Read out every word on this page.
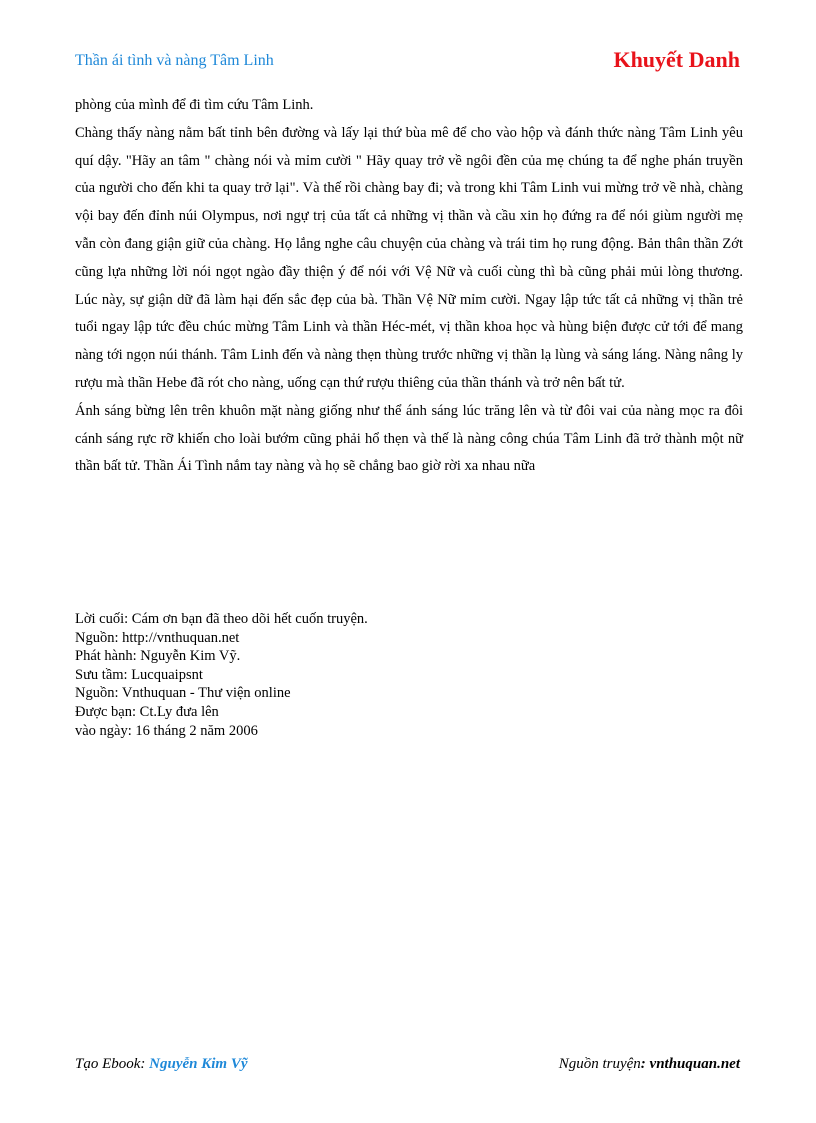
Thần ái tình và nàng Tâm Linh	Khuyết Danh

phòng của mình để đi tìm cứu Tâm Linh.

Chàng thấy nàng nằm bất tỉnh bên đường và lấy lại thứ bùa mê để cho vào hộp và đánh thức nàng Tâm Linh yêu quí dậy. "Hãy an tâm " chàng nói và mỉm cười " Hãy quay trở về ngôi đền của mẹ chúng ta để nghe phán truyền của người cho đến khi ta quay trở lại". Và thế rồi chàng bay đi; và trong khi Tâm Linh vui mừng trở về nhà, chàng vội bay đến đỉnh núi Olympus, nơi ngự trị của tất cả những vị thần và cầu xin họ đứng ra để nói giùm người mẹ vẫn còn đang giận giữ của chàng. Họ lắng nghe câu chuyện của chàng và trái tim họ rung động. Bản thân thần Zớt cũng lựa những lời nói ngọt ngào đầy thiện ý để nói với Vệ Nữ và cuối cùng thì bà cũng phải mủi lòng thương. Lúc này, sự giận dữ đã làm hại đến sắc đẹp của bà. Thần Vệ Nữ mỉm cười. Ngay lập tức tất cả những vị thần trẻ tuổi ngay lập tức đều chúc mừng Tâm Linh và thần Héc-mét, vị thần khoa học và hùng biện được cử tới để mang nàng tới ngọn núi thánh. Tâm Linh đến và nàng thẹn thùng trước những vị thần lạ lùng và sáng láng. Nàng nâng ly rượu mà thần Hebe đã rót cho nàng, uống cạn thứ rượu thiêng của thần thánh và trở nên bất tử.

Ánh sáng bừng lên trên khuôn mặt nàng giống như thể ánh sáng lúc trăng lên và từ đôi vai của nàng mọc ra đôi cánh sáng rực rỡ khiến cho loài bướm cũng phải hổ thẹn và thế là nàng công chúa Tâm Linh đã trở thành một nữ thần bất tử. Thần Ái Tình nắm tay nàng và họ sẽ chẳng bao giờ rời xa nhau nữa

Lời cuối: Cám ơn bạn đã theo dõi hết cuốn truyện.
Nguồn: http://vnthuquan.net
Phát hành: Nguyễn Kim Vỹ.
Sưu tầm: Lucquaipsnt
Nguồn: Vnthuquan - Thư viện online
Được bạn: Ct.Ly đưa lên
vào ngày: 16 tháng 2 năm 2006
Tạo Ebook: Nguyễn Kim Vỹ	Nguồn truyện: vnthuquan.net
